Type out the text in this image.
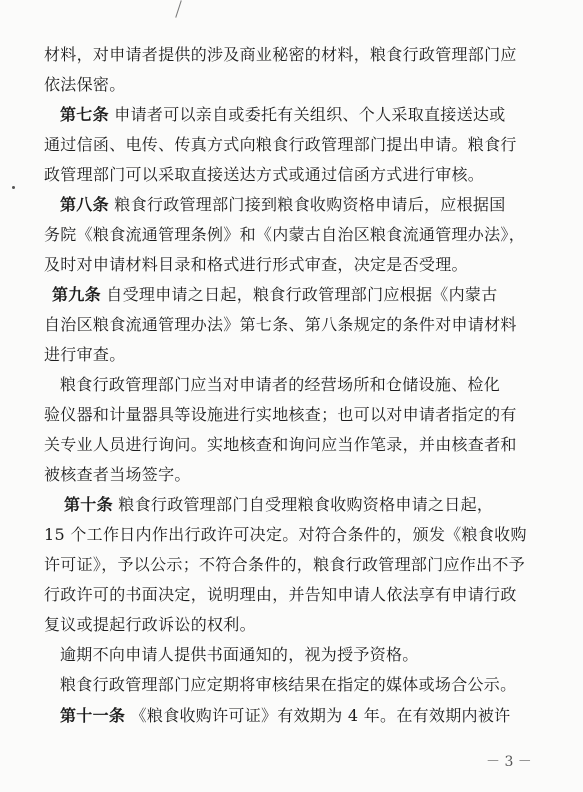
材料，对申请者提供的涉及商业秘密的材料，粮食行政管理部门应
依法保密。
第七条 申请者可以亲自或委托有关组织、个人采取直接送达或
通过信函、电传、传真方式向粮食行政管理部门提出申请。粮食行
政管理部门可以采取直接送达方式或通过信函方式进行审核。
第八条 粮食行政管理部门接到粮食收购资格申请后，应根据国
务院《粮食流通管理条例》和《内蒙古自治区粮食流通管理办法》，
及时对申请材料目录和格式进行形式审查，决定是否受理。
第九条 自受理申请之日起，粮食行政管理部门应根据《内蒙古
自治区粮食流通管理办法》第七条、第八条规定的条件对申请材料
进行审查。
粮食行政管理部门应当对申请者的经营场所和仓储设施、检化
验仪器和计量器具等设施进行实地核查；也可以对申请者指定的有
关专业人员进行询问。实地核查和询问应当作笔录，并由核查者和
被核查者当场签字。
第十条 粮食行政管理部门自受理粮食收购资格申请之日起，
15 个工作日内作出行政许可决定。对符合条件的，颁发《粮食收购
许可证》，予以公示；不符合条件的，粮食行政管理部门应作出不予
行政许可的书面决定，说明理由，并告知申请人依法享有申请行政
复议或提起行政诉讼的权利。
逾期不向申请人提供书面通知的，视为授予资格。
粮食行政管理部门应定期将审核结果在指定的媒体或场合公示。
第十一条 《粮食收购许可证》有效期为 4 年。在有效期内被许
－ 3 －
